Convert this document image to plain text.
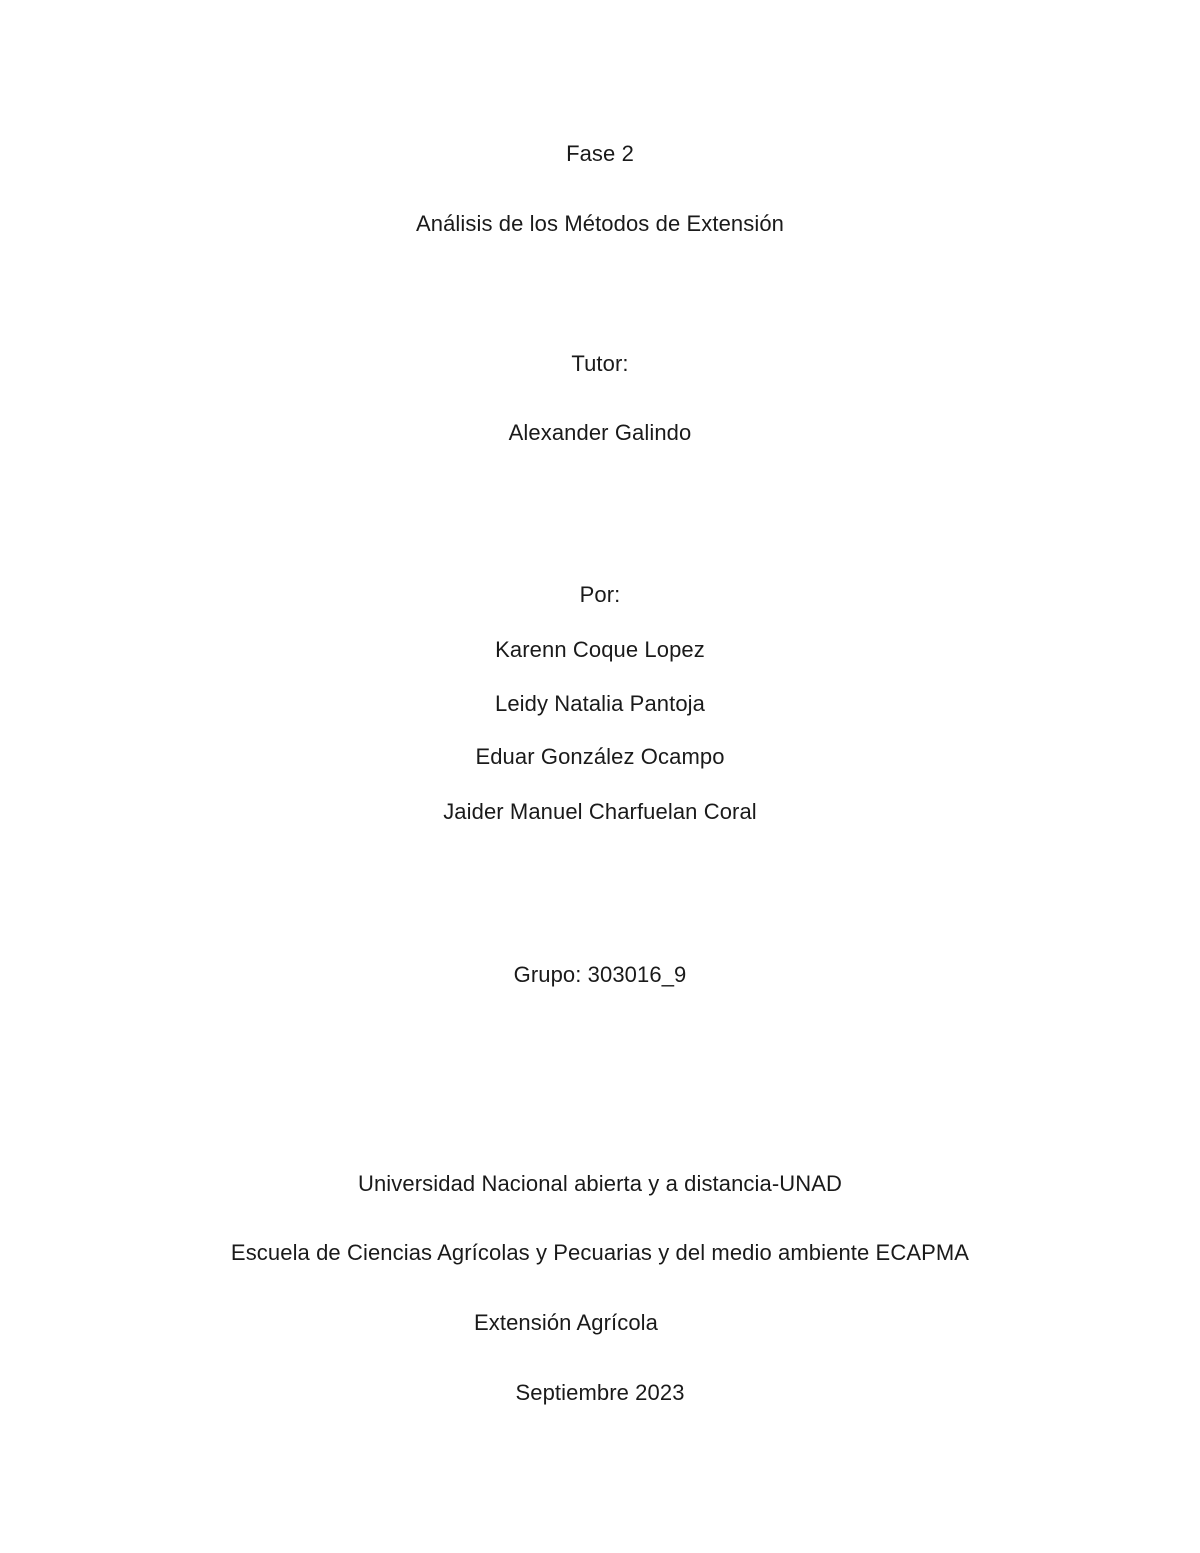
Fase 2
Análisis de los Métodos de Extensión
Tutor:
Alexander Galindo
Por:
Karenn Coque Lopez
Leidy Natalia Pantoja
Eduar González Ocampo
Jaider Manuel Charfuelan Coral
Grupo: 303016_9
Universidad Nacional abierta y a distancia-UNAD
Escuela de Ciencias Agrícolas y Pecuarias y del medio ambiente ECAPMA
Extensión Agrícola
Septiembre 2023
